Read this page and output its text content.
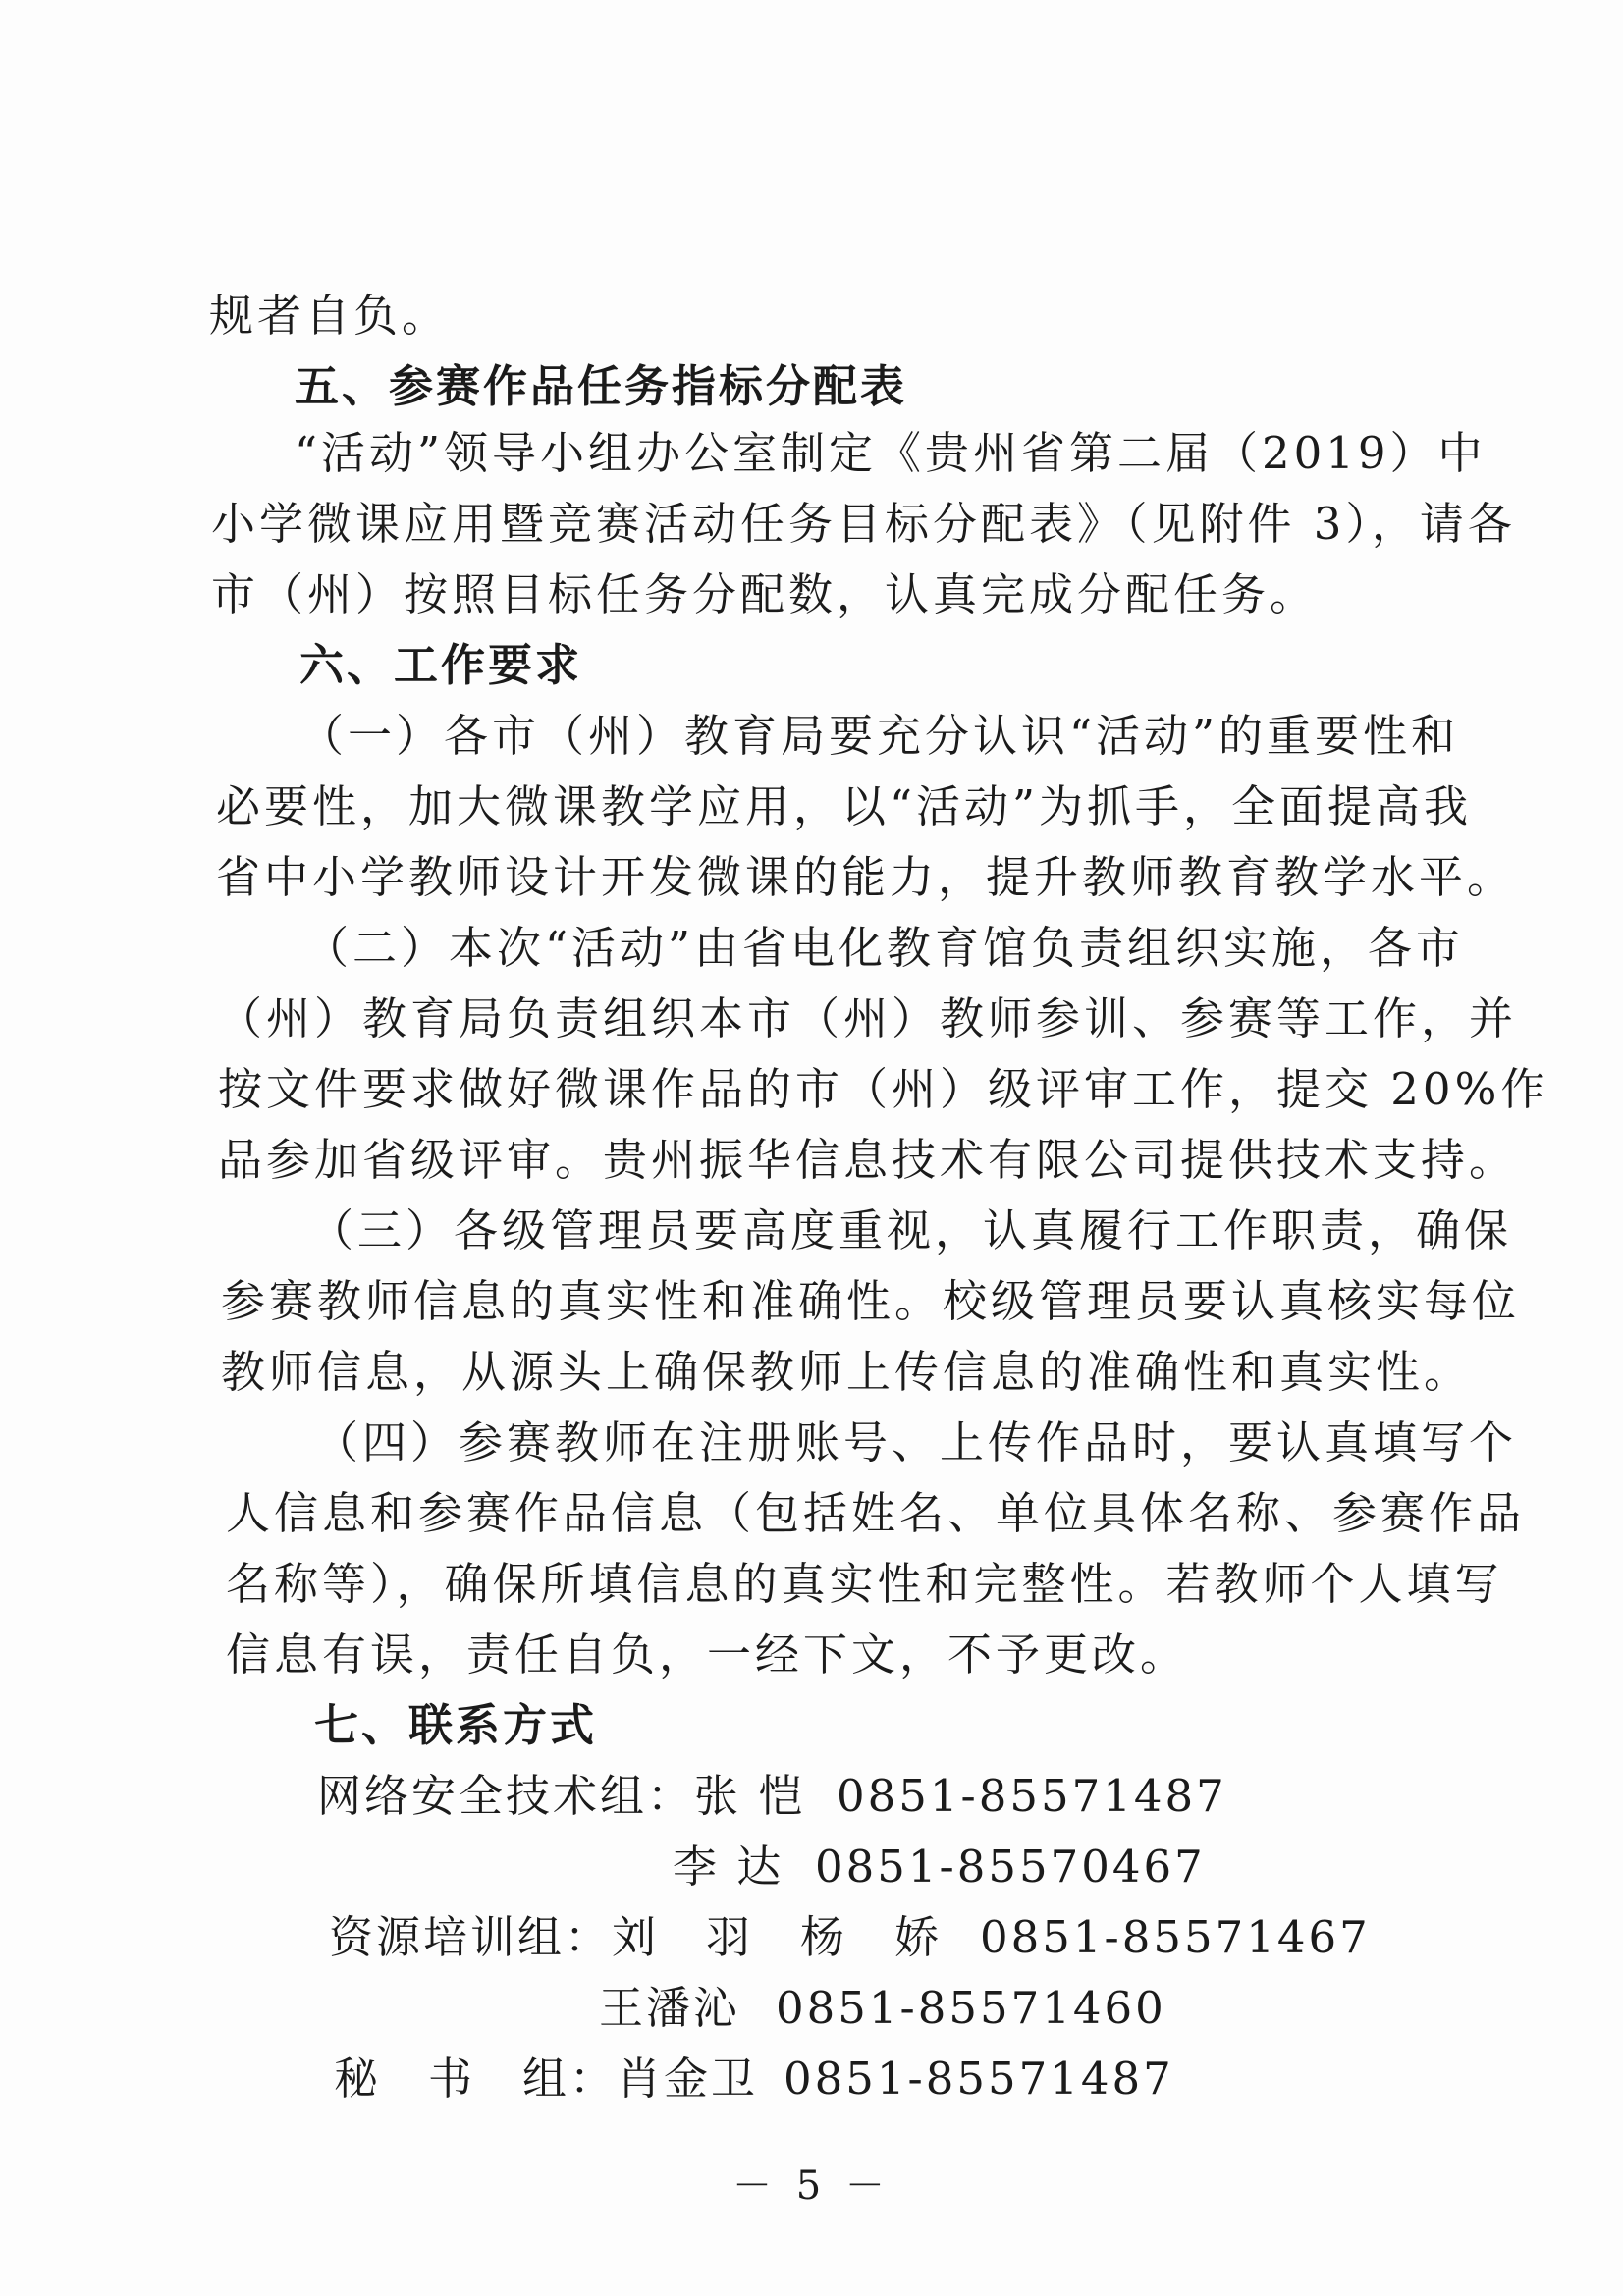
规者自负。
五、参赛作品任务指标分配表
“活动”领导小组办公室制定《贵州省第二届（2019）中
小学微课应用暨竞赛活动任务目标分配表》（见附件 3），请各
市（州）按照目标任务分配数，认真完成分配任务。
六、工作要求
（一）各市（州）教育局要充分认识“活动”的重要性和
必要性，加大微课教学应用，以“活动”为抓手，全面提高我
省中小学教师设计开发微课的能力，提升教师教育教学水平。
（二）本次“活动”由省电化教育馆负责组织实施，各市
（州）教育局负责组织本市（州）教师参训、参赛等工作，并
按文件要求做好微课作品的市（州）级评审工作，提交 20%作
品参加省级评审。贵州振华信息技术有限公司提供技术支持。
（三）各级管理员要高度重视，认真履行工作职责，确保
参赛教师信息的真实性和准确性。校级管理员要认真核实每位
教师信息，从源头上确保教师上传信息的准确性和真实性。
（四）参赛教师在注册账号、上传作品时，要认真填写个
人信息和参赛作品信息（包括姓名、单位具体名称、参赛作品
名称等），确保所填信息的真实性和完整性。若教师个人填写
信息有误，责任自负，一经下文，不予更改。
七、联系方式
网络安全技术组：张 恺 0851-85571487
李 达 0851-85570467
资源培训组：刘　羽　杨　娇 0851-85571467
王潘沁 0851-85571460
秘　书　组：肖金卫 0851-85571487
－ 5 －
